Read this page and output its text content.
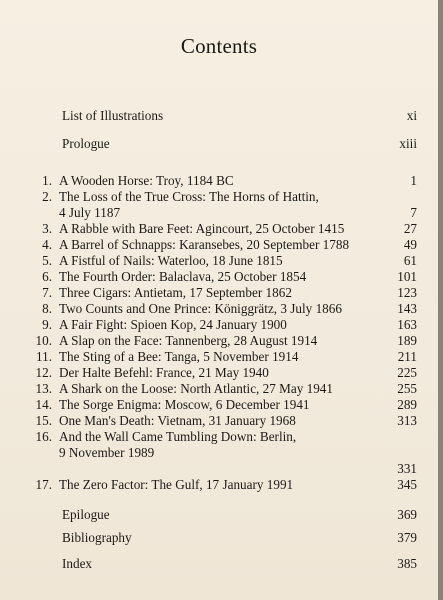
Contents
List of Illustrations	xi
Prologue	xiii
1. A Wooden Horse: Troy, 1184 BC	1
2. The Loss of the True Cross: The Horns of Hattin,
4 July 1187	7
3. A Rabble with Bare Feet: Agincourt, 25 October 1415	27
4. A Barrel of Schnapps: Karansebes, 20 September 1788	49
5. A Fistful of Nails: Waterloo, 18 June 1815	61
6. The Fourth Order: Balaclava, 25 October 1854	101
7. Three Cigars: Antietam, 17 September 1862	123
8. Two Counts and One Prince: Königgrätz, 3 July 1866	143
9. A Fair Fight: Spioen Kop, 24 January 1900	163
10. A Slap on the Face: Tannenberg, 28 August 1914	189
11. The Sting of a Bee: Tanga, 5 November 1914	211
12. Der Halte Befehl: France, 21 May 1940	225
13. A Shark on the Loose: North Atlantic, 27 May 1941	255
14. The Sorge Enigma: Moscow, 6 December 1941	289
15. One Man's Death: Vietnam, 31 January 1968	313
16. And the Wall Came Tumbling Down: Berlin,
9 November 1989
331
17. The Zero Factor: The Gulf, 17 January 1991	345
Epilogue	369
Bibliography	379
Index	385
